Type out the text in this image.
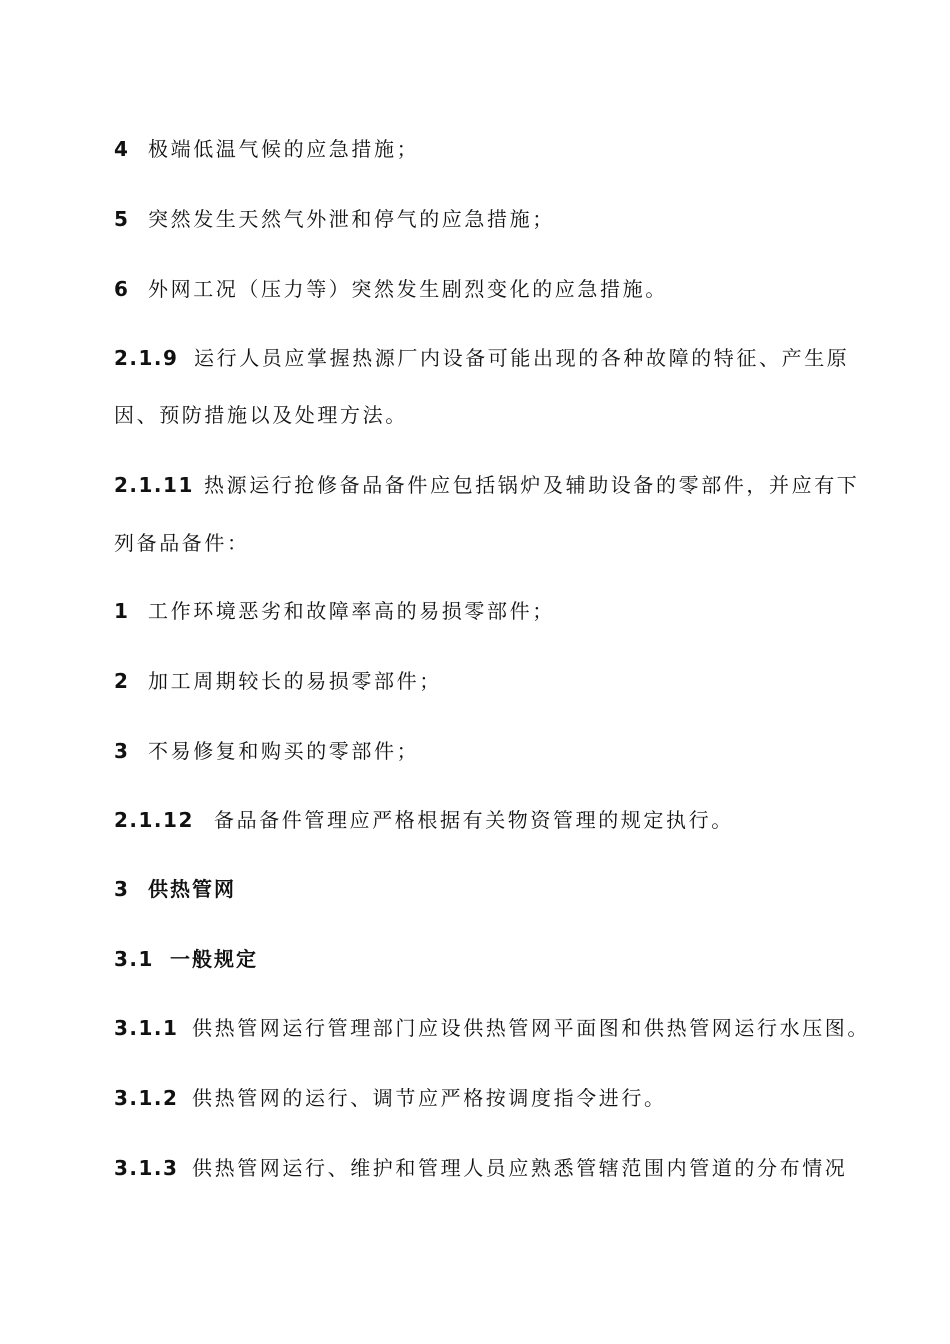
4 极端低温气候的应急措施；
5 突然发生天然气外泄和停气的应急措施；
6 外网工况（压力等）突然发生剧烈变化的应急措施。
2.1.9 运行人员应掌握热源厂内设备可能出现的各种故障的特征、产生原
因、预防措施以及处理方法。
2.1.11 热源运行抢修备品备件应包括锅炉及辅助设备的零部件，并应有下
列备品备件：
1 工作环境恶劣和故障率高的易损零部件；
2 加工周期较长的易损零部件；
3 不易修复和购买的零部件；
2.1.12 备品备件管理应严格根据有关物资管理的规定执行。
3 供热管网
3.1 一般规定
3.1.1 供热管网运行管理部门应设供热管网平面图和供热管网运行水压图。
3.1.2 供热管网的运行、调节应严格按调度指令进行。
3.1.3 供热管网运行、维护和管理人员应熟悉管辖范围内管道的分布情况
